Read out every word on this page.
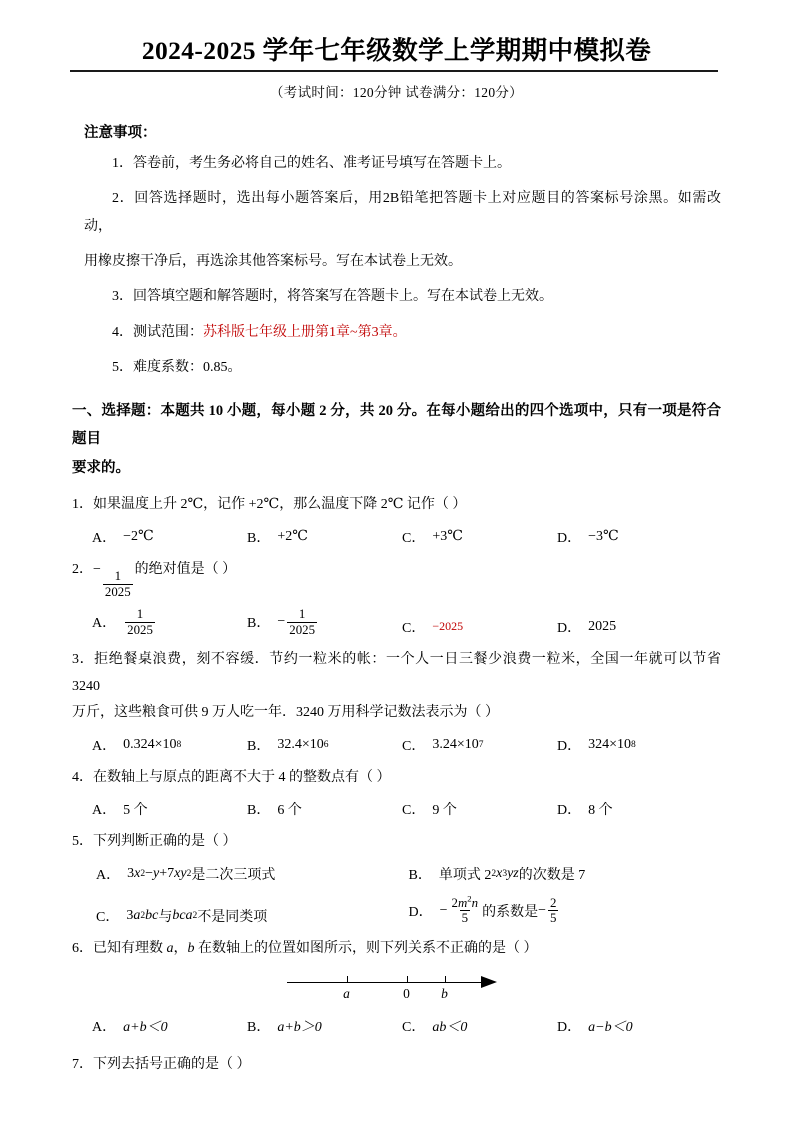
2024-2025 学年七年级数学上学期期中模拟卷
（考试时间：120分钟 试卷满分：120分）
注意事项：
1．答卷前，考生务必将自己的姓名、准考证号填写在答题卡上。
2．回答选择题时，选出每小题答案后，用2B铅笔把答题卡上对应题目的答案标号涂黑。如需改动，
用橡皮擦干净后，再选涂其他答案标号。写在本试卷上无效。
3．回答填空题和解答题时，将答案写在答题卡上。写在本试卷上无效。
4．测试范围：苏科版七年级上册第1章~第3章。
5．难度系数：0.85。
一、选择题：本题共 10 小题，每小题 2 分，共 20 分。在每小题给出的四个选项中，只有一项是符合题目
要求的。
1．如果温度上升 2℃，记作 +2℃，那么温度下降 2℃ 记作（ ）
A． −2℃	B． +2℃	C． +3℃	D． −3℃
2．−
$\frac{1}{2025}$
的绝对值是（ ）
A． $\frac{1}{2025}$	B． − $\frac{1}{2025}$	C． −2025	D． 2025
3．拒绝餐桌浪费，刻不容缓．节约一粒米的帐：一个人一日三餐少浪费一粒米，全国一年就可以节省 3240
万斤，这些粮食可供 9 万人吃一年．3240 万用科学记数法表示为（ ）
A． 0.324×10 8	B． 32.4×10 6	C． 3.24×10 7	D． 324×10 8
4．在数轴上与原点的距离不大于 4 的整数点有（ ）
A． 5 个	B． 6 个	C． 9 个	D． 8 个
5．下列判断正确的是（ ）
A． 3 x 2 − y +7 xy 2 是二次三项式	B． 单项式 2 2 x 3 yz 的次数是 7
C． 3 a 2 bc 与 bca 2 不是同类项	D． − $\frac{2m^2n}{5}$ 的系数是 − $\frac{2}{5}$
6．已知有理数 a，b 在数轴上的位置如图所示，则下列关系不正确的是（ ）
a	0 b
A． a+b＜0	B． a+b＞0	C． ab＜0	D． a−b＜0
7．下列去括号正确的是（ ）
